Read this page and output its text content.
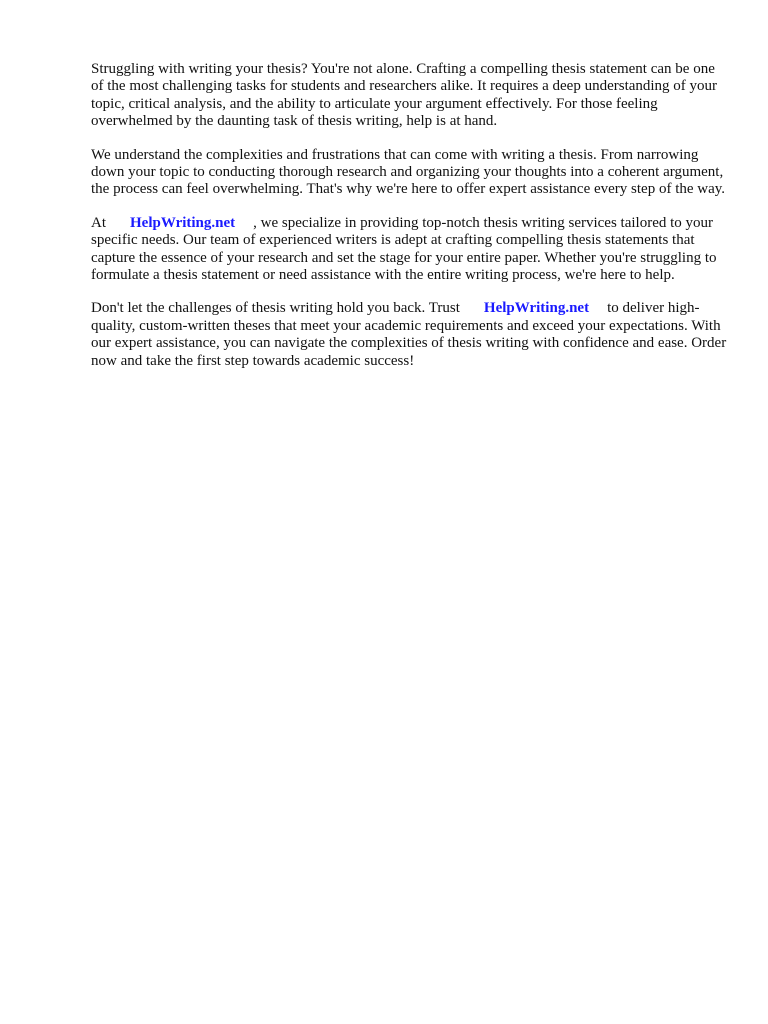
Struggling with writing your thesis? You're not alone. Crafting a compelling thesis statement can be one of the most challenging tasks for students and researchers alike. It requires a deep understanding of your topic, critical analysis, and the ability to articulate your argument effectively. For those feeling overwhelmed by the daunting task of thesis writing, help is at hand.

We understand the complexities and frustrations that can come with writing a thesis. From narrowing down your topic to conducting thorough research and organizing your thoughts into a coherent argument, the process can feel overwhelming. That's why we're here to offer expert assistance every step of the way.

At HelpWriting.net , we specialize in providing top-notch thesis writing services tailored to your specific needs. Our team of experienced writers is adept at crafting compelling thesis statements that capture the essence of your research and set the stage for your entire paper. Whether you're struggling to formulate a thesis statement or need assistance with the entire writing process, we're here to help.

Don't let the challenges of thesis writing hold you back. Trust HelpWriting.net to deliver high-quality, custom-written theses that meet your academic requirements and exceed your expectations. With our expert assistance, you can navigate the complexities of thesis writing with confidence and ease. Order now and take the first step towards academic success!
